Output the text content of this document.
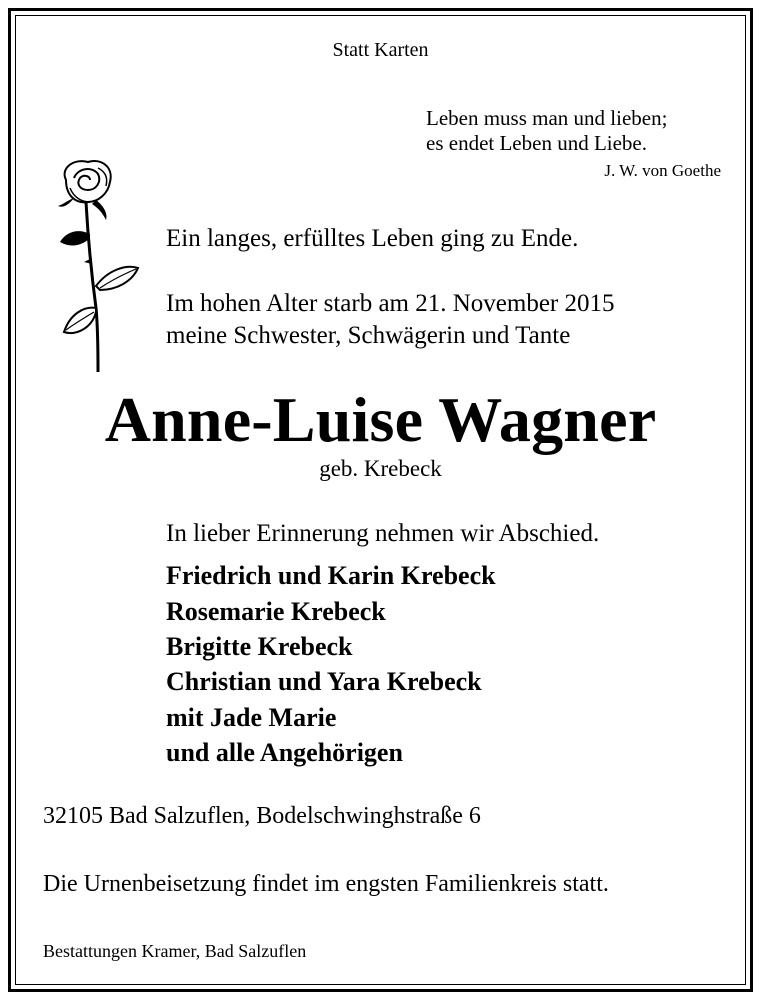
Statt Karten
Leben muss man und lieben;
es endet Leben und Liebe.
J. W. von Goethe
Ein langes, erfülltes Leben ging zu Ende.
Im hohen Alter starb am 21. November 2015
meine Schwester, Schwägerin und Tante
Anne-Luise Wagner
geb. Krebeck
In lieber Erinnerung nehmen wir Abschied.
Friedrich und Karin Krebeck
Rosemarie Krebeck
Brigitte Krebeck
Christian und Yara Krebeck
mit Jade Marie
und alle Angehörigen
32105 Bad Salzuflen, Bodelschwinghstraße 6
Die Urnenbeisetzung findet im engsten Familienkreis statt.
Bestattungen Kramer, Bad Salzuflen
